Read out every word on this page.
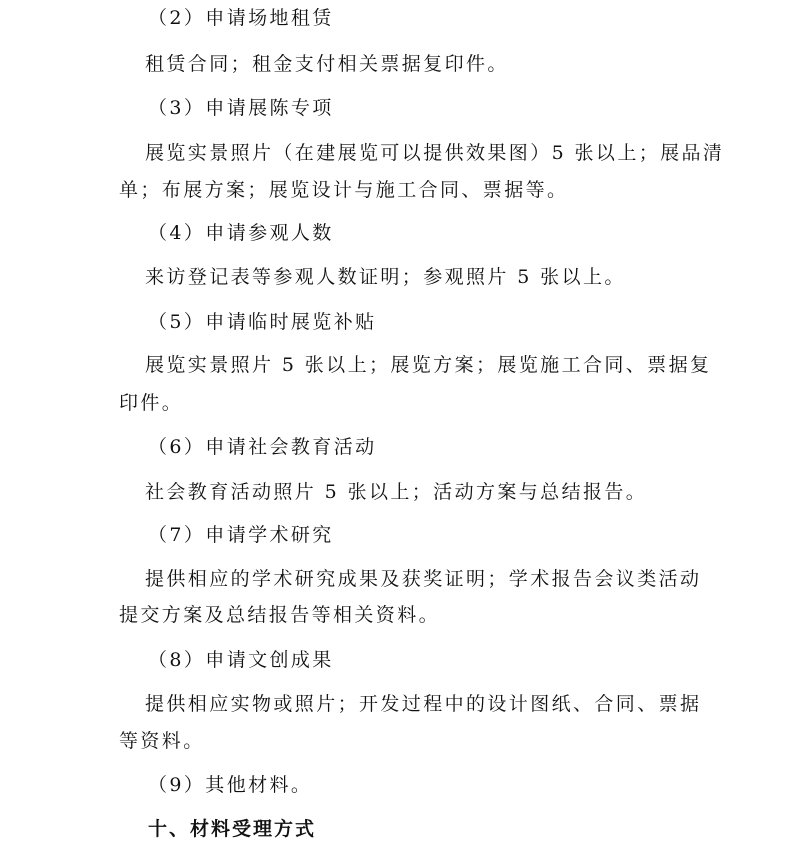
（2）申请场地租赁
租赁合同；租金支付相关票据复印件。
（3）申请展陈专项
展览实景照片（在建展览可以提供效果图）5 张以上；展品清
单；布展方案；展览设计与施工合同、票据等。
（4）申请参观人数
来访登记表等参观人数证明；参观照片 5 张以上。
（5）申请临时展览补贴
展览实景照片 5 张以上；展览方案；展览施工合同、票据复
印件。
（6）申请社会教育活动
社会教育活动照片 5 张以上；活动方案与总结报告。
（7）申请学术研究
提供相应的学术研究成果及获奖证明；学术报告会议类活动
提交方案及总结报告等相关资料。
（8）申请文创成果
提供相应实物或照片；开发过程中的设计图纸、合同、票据
等资料。
（9）其他材料。
十、材料受理方式
